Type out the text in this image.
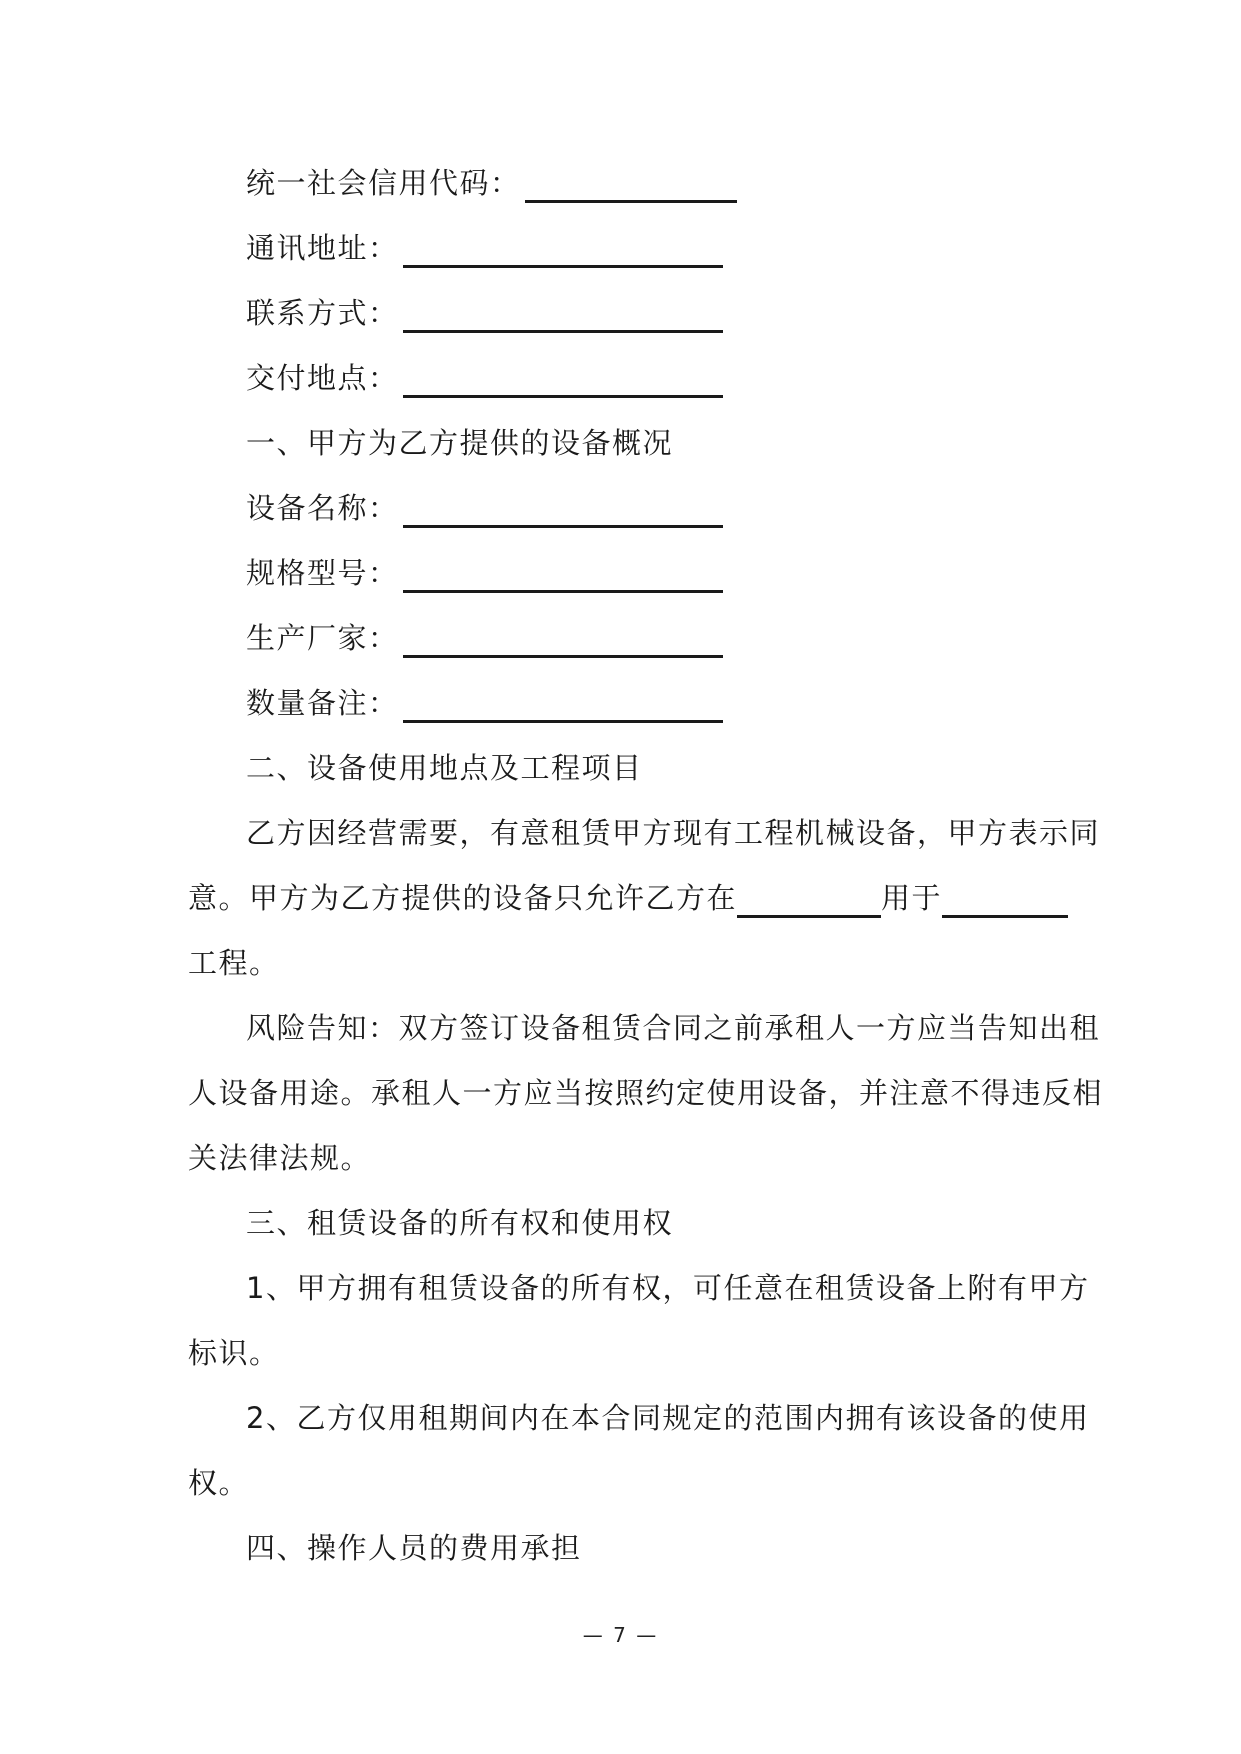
统一社会信用代码：
通讯地址：
联系方式：
交付地点：
一、甲方为乙方提供的设备概况
设备名称：
规格型号：
生产厂家：
数量备注：
二、设备使用地点及工程项目
乙方因经营需要，有意租赁甲方现有工程机械设备，甲方表示同
意。甲方为乙方提供的设备只允许乙方在	用于
工程。
风险告知：双方签订设备租赁合同之前承租人一方应当告知出租
人设备用途。承租人一方应当按照约定使用设备，并注意不得违反相
关法律法规。
三、租赁设备的所有权和使用权
1、甲方拥有租赁设备的所有权，可任意在租赁设备上附有甲方
标识。
2、乙方仅用租期间内在本合同规定的范围内拥有该设备的使用
权。
四、操作人员的费用承担
— 7 —
